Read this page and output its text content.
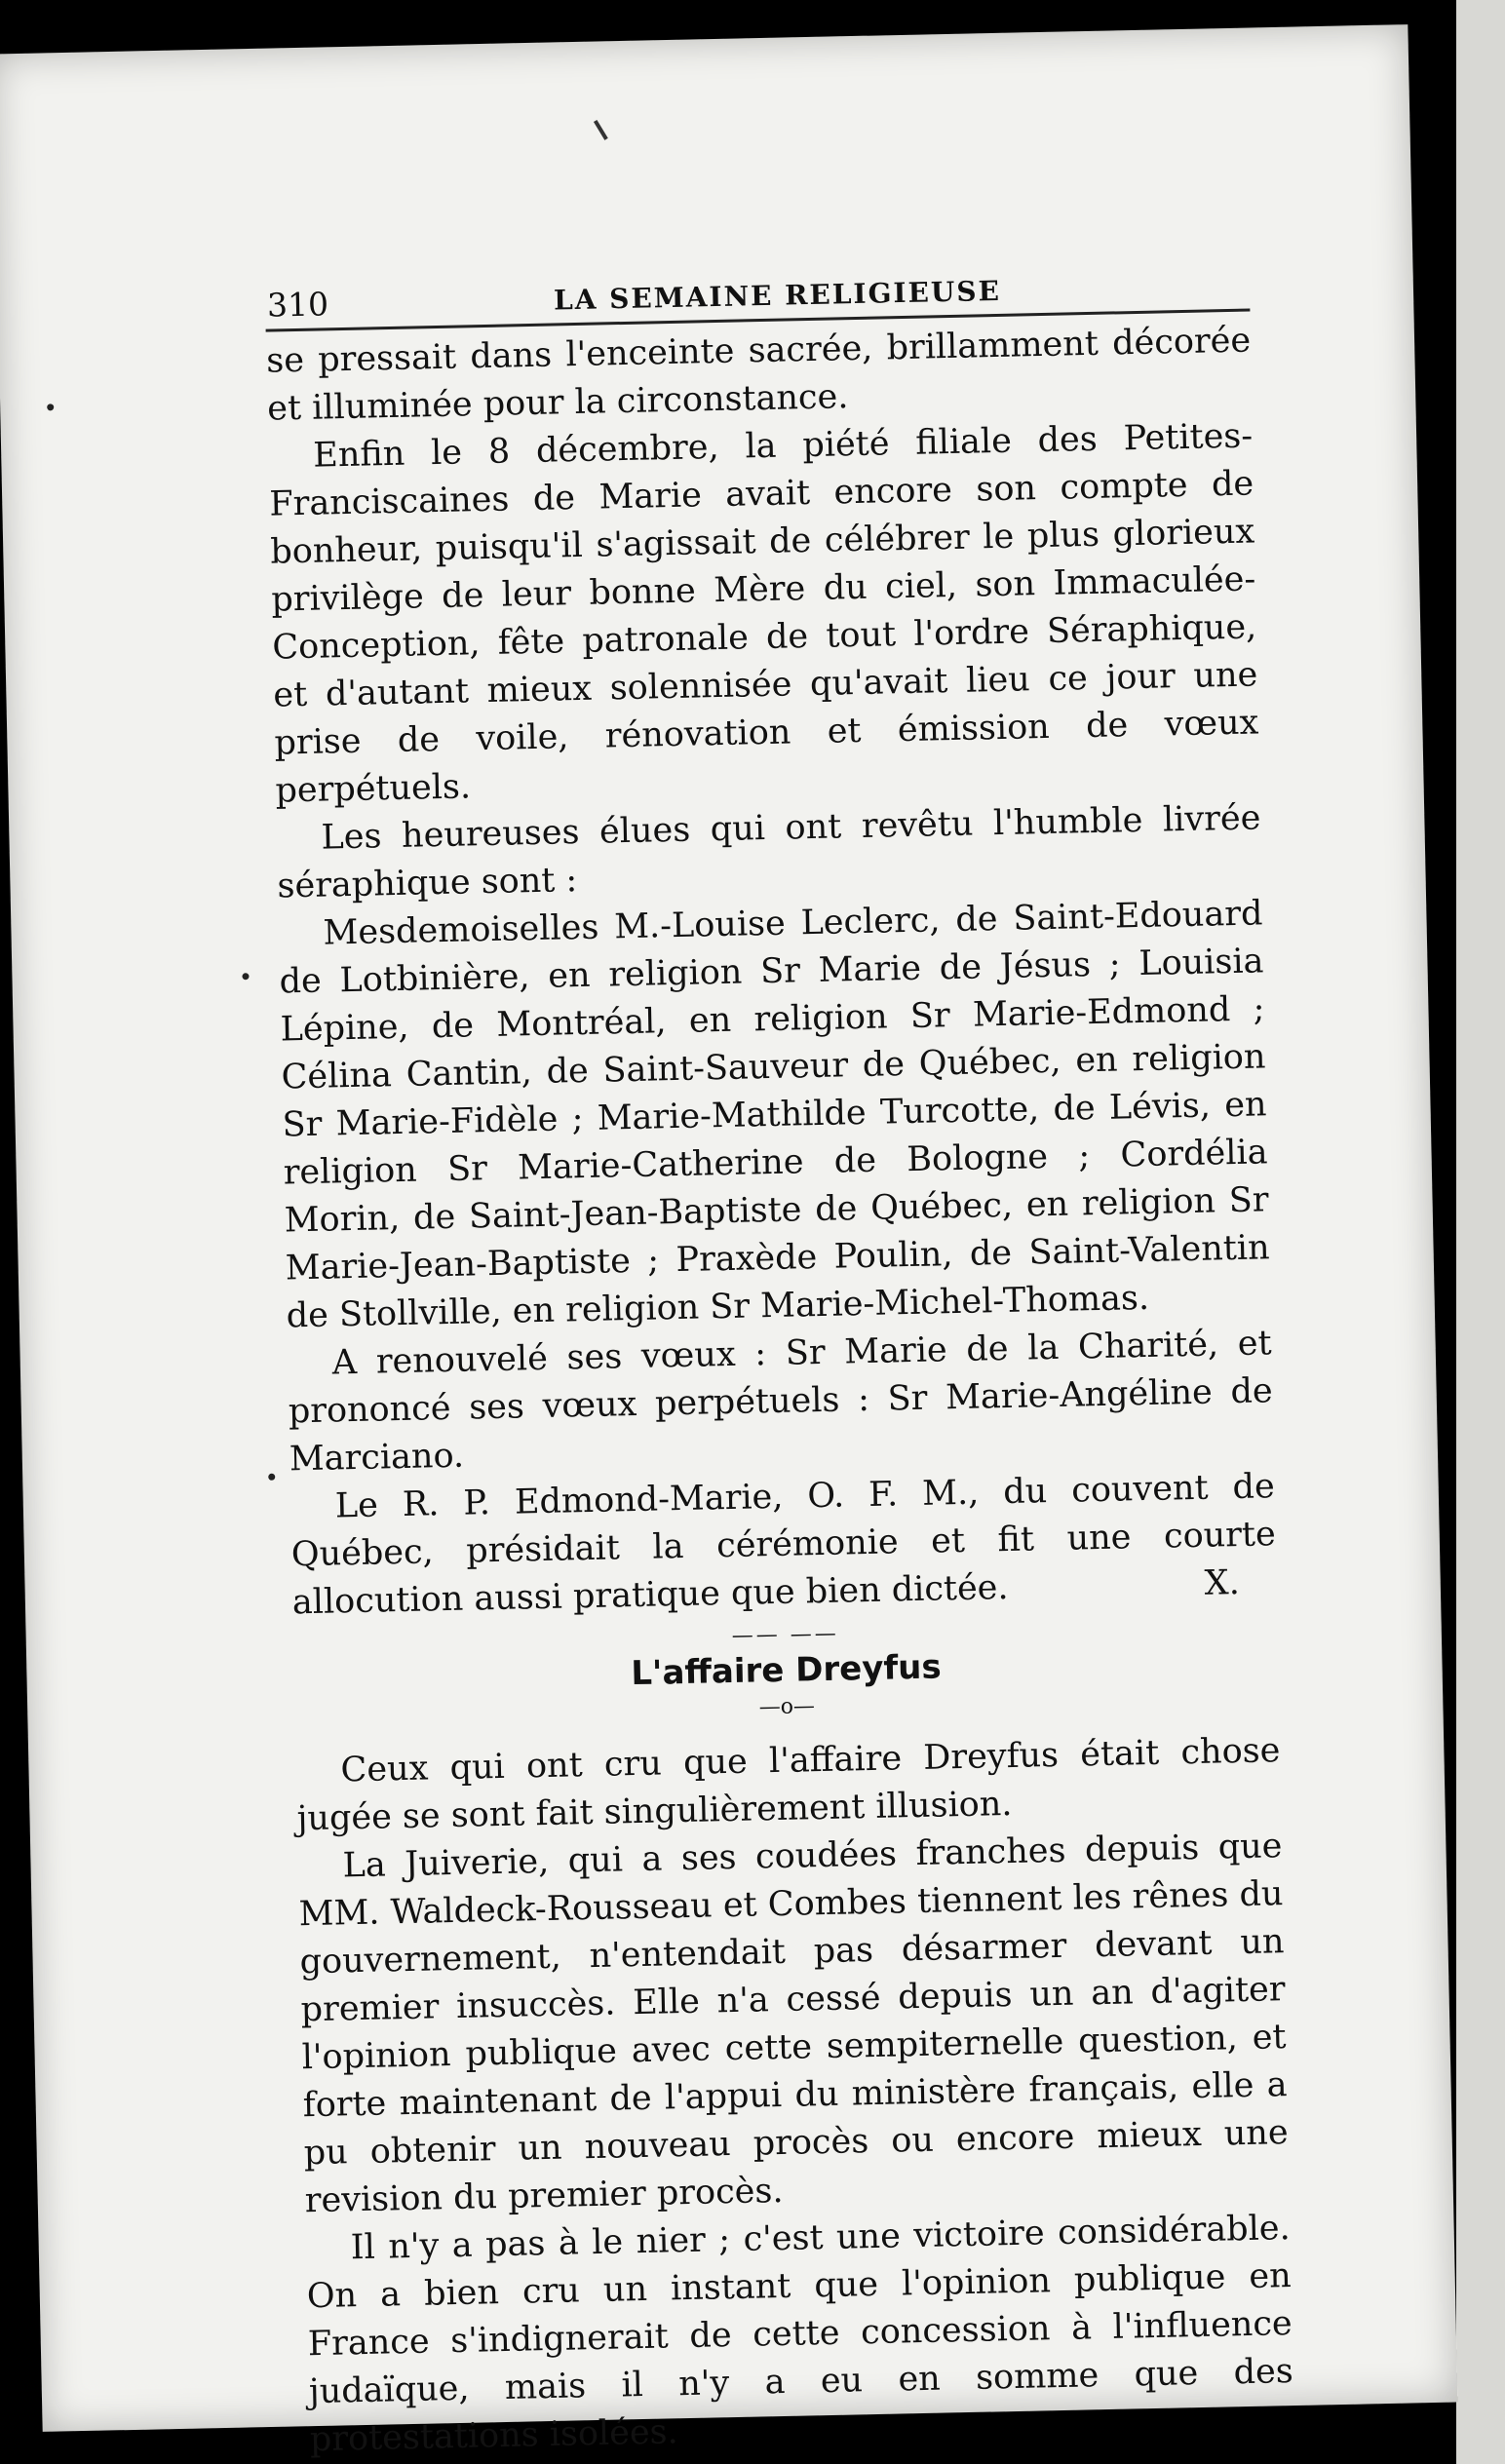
310	LA SEMAINE RELIGIEUSE

se pressait dans l'enceinte sacrée, brillamment décorée et illuminée pour la circonstance.

Enfin le 8 décembre, la piété filiale des Petites-Franciscaines de Marie avait encore son compte de bonheur, puisqu'il s'agissait de célébrer le plus glorieux privilège de leur bonne Mère du ciel, son Immaculée-Conception, fête patronale de tout l'ordre Séraphique, et d'autant mieux solennisée qu'avait lieu ce jour une prise de voile, rénovation et émission de vœux perpétuels.

Les heureuses élues qui ont revêtu l'humble livrée séraphique sont :

Mesdemoiselles M.-Louise Leclerc, de Saint-Edouard de Lotbinière, en religion Sr Marie de Jésus ; Louisia Lépine, de Montréal, en religion Sr Marie-Edmond ; Célina Cantin, de Saint-Sauveur de Québec, en religion Sr Marie-Fidèle ; Marie-Mathilde Turcotte, de Lévis, en religion Sr Marie-Catherine de Bologne ; Cordélia Morin, de Saint-Jean-Baptiste de Québec, en religion Sr Marie-Jean-Baptiste ; Praxède Poulin, de Saint-Valentin de Stollville, en religion Sr Marie-Michel-Thomas.

A renouvelé ses vœux : Sr Marie de la Charité, et prononcé ses vœux perpétuels : Sr Marie-Angéline de Marciano.

Le R. P. Edmond-Marie, O. F. M., du couvent de Québec, présidait la cérémonie et fit une courte allocution aussi pratique que bien dictée.	X.
—— ——
L'affaire Dreyfus
—o—

Ceux qui ont cru que l'affaire Dreyfus était chose jugée se sont fait singulièrement illusion.

La Juiverie, qui a ses coudées franches depuis que MM. Waldeck-Rousseau et Combes tiennent les rênes du gouvernement, n'entendait pas désarmer devant un premier insuccès. Elle n'a cessé depuis un an d'agiter l'opinion publique avec cette sempiternelle question, et forte maintenant de l'appui du ministère français, elle a pu obtenir un nouveau procès ou encore mieux une revision du premier procès.

Il n'y a pas à le nier ; c'est une victoire considérable. On a bien cru un instant que l'opinion publique en France s'indignerait de cette concession à l'influence judaïque, mais il n'y a eu en somme que des protestations isolées.
